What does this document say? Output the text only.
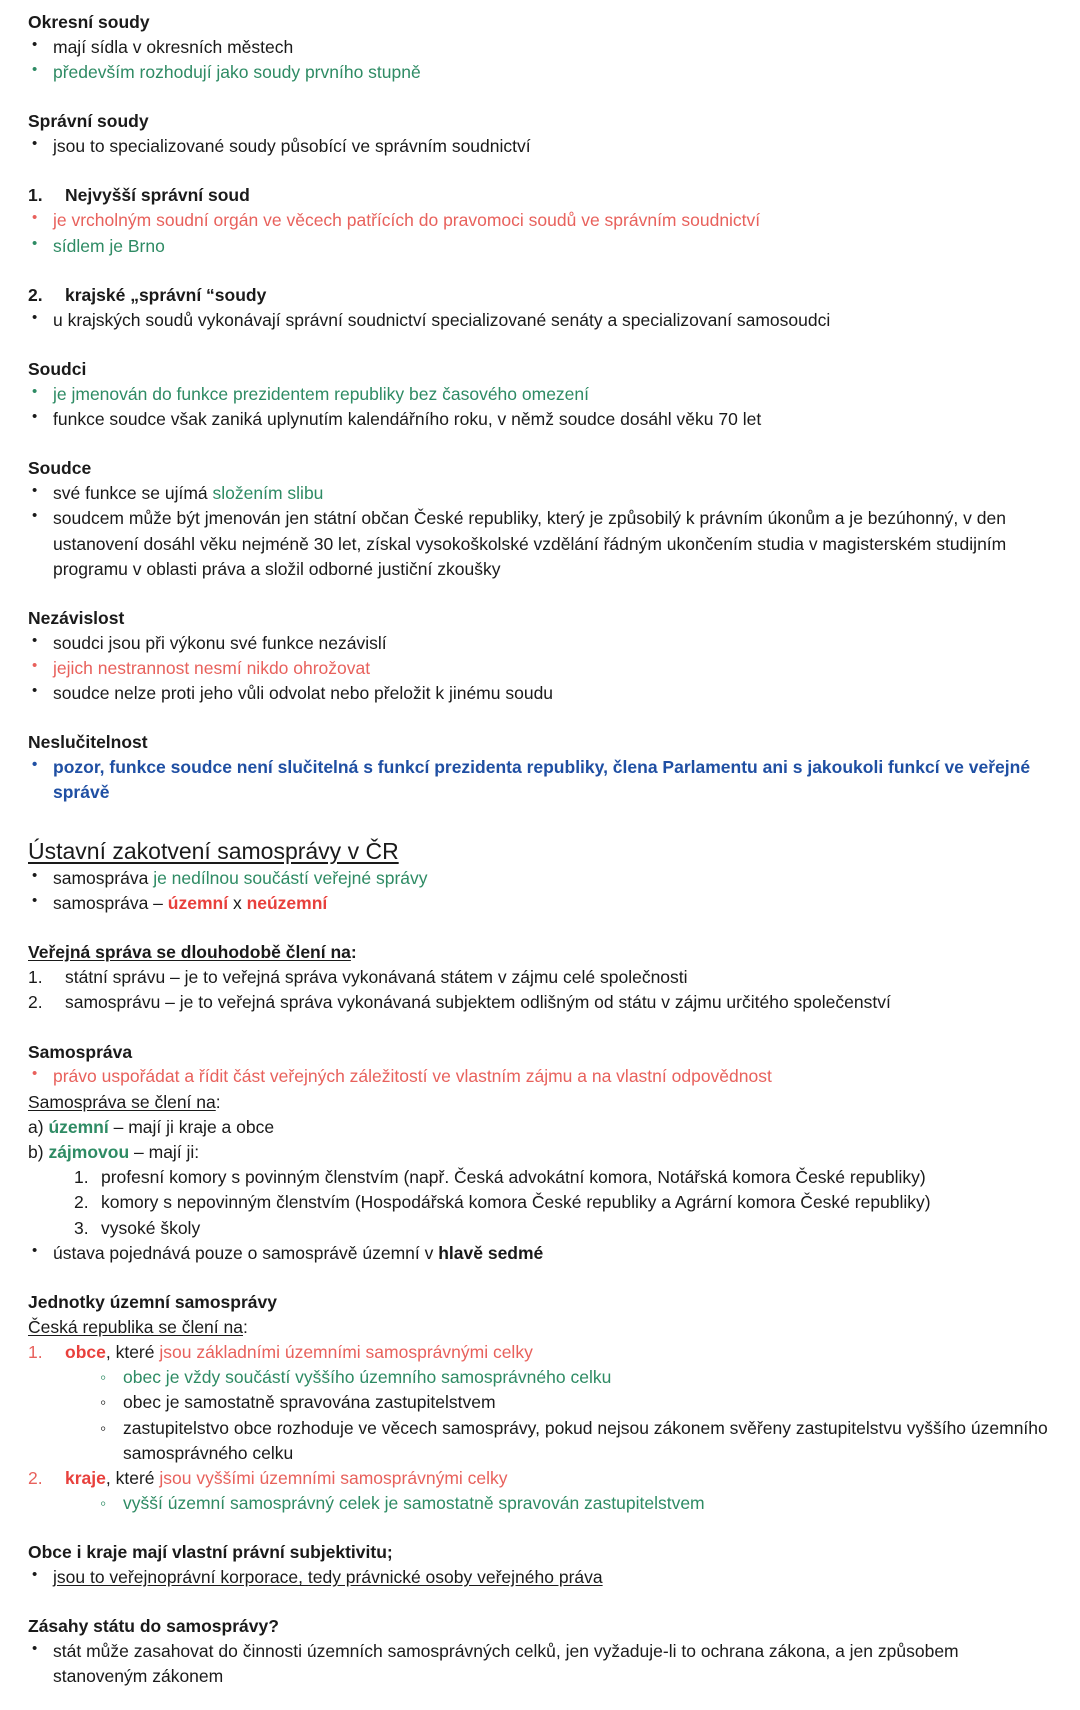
Okresní soudy
• mají sídla v okresních městech
• především rozhodují jako soudy prvního stupně
Správní soudy
• jsou to specializované soudy působící ve správním soudnictví
1.	Nejvyšší správní soud
• je vrcholným soudní orgán ve věcech patřících do pravomoci soudů ve správním soudnictví
• sídlem je Brno
2.	krajské „správní “soudy
• u krajských soudů vykonávají správní soudnictví specializované senáty a specializovaní samosoudci
Soudci
• je jmenován do funkce prezidentem republiky bez časového omezení
• funkce soudce však zaniká uplynutím kalendářního roku, v němž soudce dosáhl věku 70 let
Soudce
• své funkce se ujímá složením slibu
• soudcem může být jmenován jen státní občan České republiky, který je způsobilý k právním úkonům a je bezúhonný, v den ustanovení dosáhl věku nejméně 30 let, získal vysokoškolské vzdělání řádným ukončením studia v magisterském studijním programu v oblasti práva a složil odborné justiční zkoušky
Nezávislost
• soudci jsou při výkonu své funkce nezávislí
• jejich nestrannost nesmí nikdo ohrožovat
• soudce nelze proti jeho vůli odvolat nebo přeložit k jinému soudu
Neslučitelnost
• pozor, funkce soudce není slučitelná s funkcí prezidenta republiky, člena Parlamentu ani s jakoukoli funkcí ve veřejné správě
Ústavní zakotvení samosprávy v ČR
• samospráva je nedílnou součástí veřejné správy
• samospráva – územní x neúzemní
Veřejná správa se dlouhodobě člení na:
1.	státní správu – je to veřejná správa vykonávaná státem v zájmu celé společnosti
2.	samosprávu – je to veřejná správa vykonávaná subjektem odlišným od státu v zájmu určitého společenství
Samospráva
• právo uspořádat a řídit část veřejných záležitostí ve vlastním zájmu a na vlastní odpovědnost
Samospráva se člení na:
a) územní – mají ji kraje a obce
b) zájmovou – mají ji:
1. profesní komory s povinným členstvím (např. Česká advokátní komora, Notářská komora České republiky)
2. komory s nepovinným členstvím (Hospodářská komora České republiky a Agrární komora České republiky)
3. vysoké školy
• ústava pojednává pouze o samosprávě územní v hlavě sedmé
Jednotky územní samosprávy
Česká republika se člení na:
1.	obce, které jsou základními územními samosprávnými celky
◦ obec je vždy součástí vyššího územního samosprávného celku
◦ obec je samostatně spravována zastupitelstvem
◦ zastupitelstvo obce rozhoduje ve věcech samosprávy, pokud nejsou zákonem svěřeny zastupitelstvu vyššího územního samosprávného celku
2.	kraje, které jsou vyššími územními samosprávnými celky
◦ vyšší územní samosprávný celek je samostatně spravován zastupitelstvem
Obce i kraje mají vlastní právní subjektivitu;
• jsou to veřejnoprávní korporace, tedy právnické osoby veřejného práva
Zásahy státu do samosprávy?
• stát může zasahovat do činnosti územních samosprávných celků, jen vyžaduje-li to ochrana zákona, a jen způsobem stanoveným zákonem
